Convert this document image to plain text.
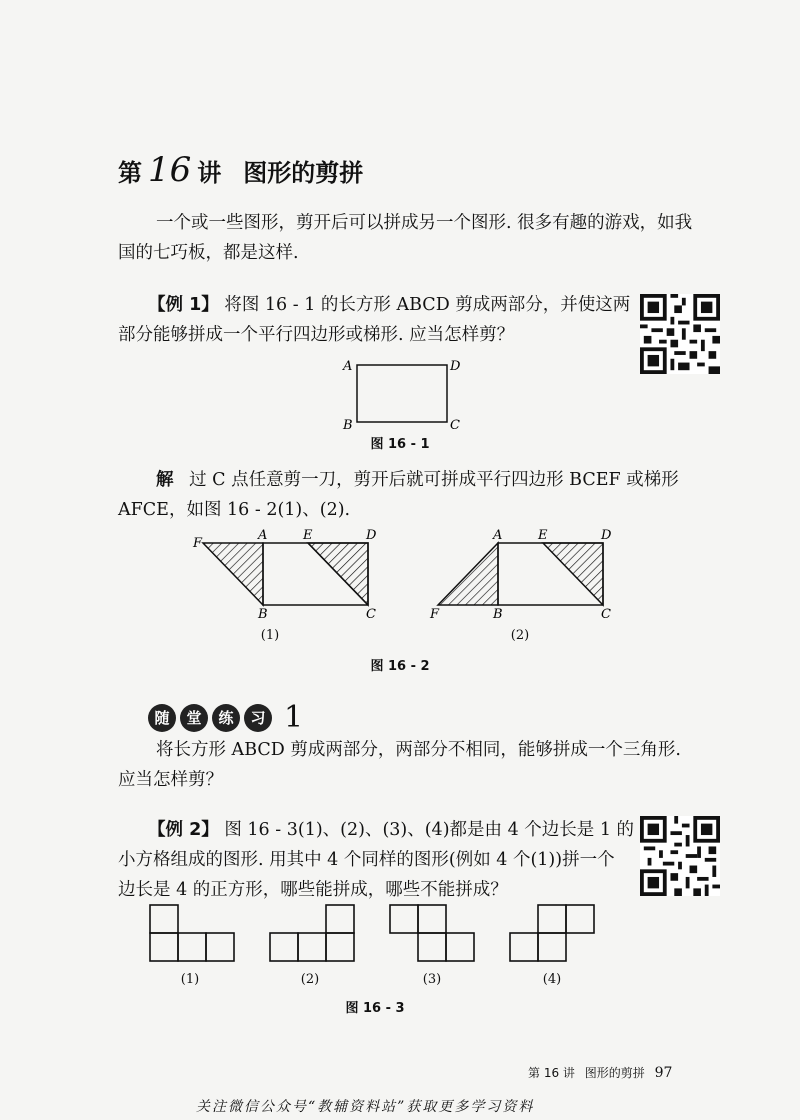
第 16 讲 图形的剪拼
一个或一些图形，剪开后可以拼成另一个图形. 很多有趣的游戏，如我
国的七巧板，都是这样.
【例 1】 将图 16 - 1 的长方形 ABCD 剪成两部分，并使这两
部分能够拼成一个平行四边形或梯形. 应当怎样剪？
A	D
B	C
图 16 - 1
解 过 C 点任意剪一刀，剪开后就可拼成平行四边形 BCEF 或梯形
AFCE，如图 16 - 2(1)、(2).
F
A	E	D
B	C
A	E	D
F	B	C
(1)	(2)
图 16 - 2
随	堂	练	习 1
将长方形 ABCD 剪成两部分，两部分不相同，能够拼成一个三角形.
应当怎样剪？
【例 2】 图 16 - 3(1)、(2)、(3)、(4)都是由 4 个边长是 1 的
小方格组成的图形. 用其中 4 个同样的图形(例如 4 个(1))拼一个
边长是 4 的正方形，哪些能拼成，哪些不能拼成？
(1)	(2)	(3)	(4)
图 16 - 3
第 16 讲 图形的剪拼 97
关注微信公众号“教辅资料站”获取更多学习资料
